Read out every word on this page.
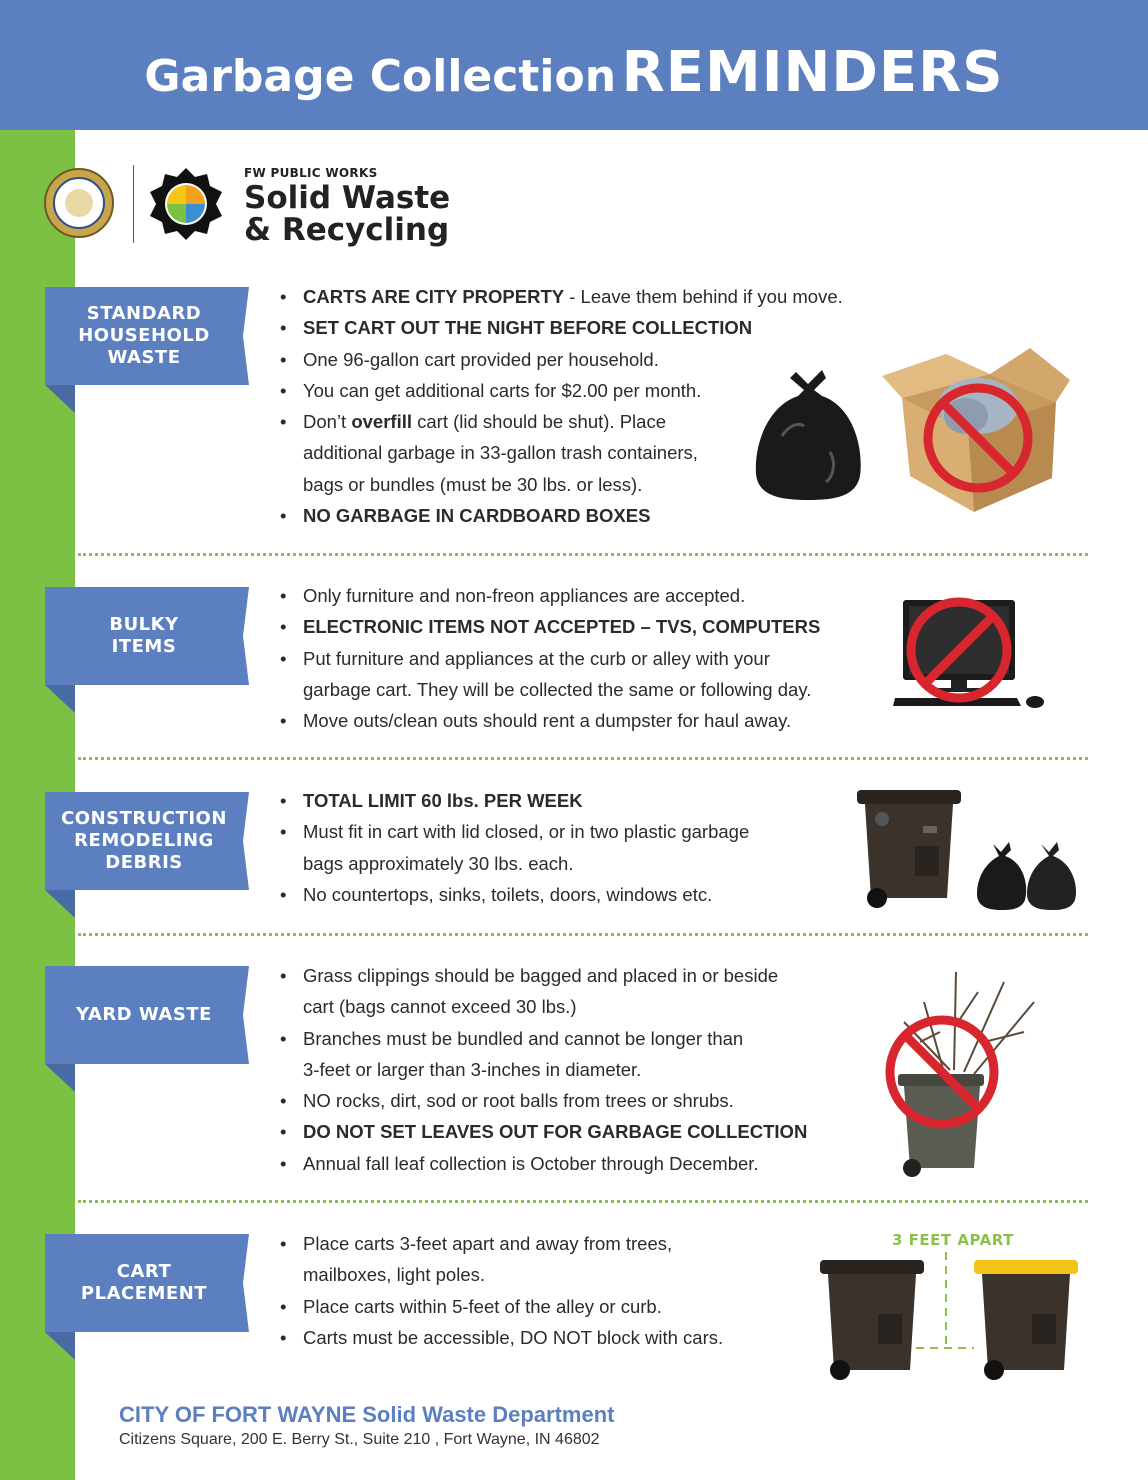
Garbage Collection REMINDERS
FW PUBLIC WORKS
Solid Waste
& Recycling
STANDARD
HOUSEHOLD
WASTE
BULKY
ITEMS
CONSTRUCTION
REMODELING
DEBRIS
YARD WASTE
CART
PLACEMENT
• CARTS ARE CITY PROPERTY - Leave them behind if you move.
• SET CART OUT THE NIGHT BEFORE COLLECTION
• One 96-gallon cart provided per household.
• You can get additional carts for $2.00 per month.
• Don’t overfill cart (lid should be shut). Place
additional garbage in 33-gallon trash containers,
bags or bundles (must be 30 lbs. or less).
• NO GARBAGE IN CARDBOARD BOXES
• Only furniture and non-freon appliances are accepted.
• ELECTRONIC ITEMS NOT ACCEPTED – TVS, COMPUTERS
• Put furniture and appliances at the curb or alley with your
garbage cart. They will be collected the same or following day.
• Move outs/clean outs should rent a dumpster for haul away.
• TOTAL LIMIT 60 lbs. PER WEEK
• Must fit in cart with lid closed, or in two plastic garbage
bags approximately 30 lbs. each.
• No countertops, sinks, toilets, doors, windows etc.
• Grass clippings should be bagged and placed in or beside
cart (bags cannot exceed 30 lbs.)
• Branches must be bundled and cannot be longer than
3-feet or larger than 3-inches in diameter.
• NO rocks, dirt, sod or root balls from trees or shrubs.
• DO NOT SET LEAVES OUT FOR GARBAGE COLLECTION
• Annual fall leaf collection is October through December.
• Place carts 3-feet apart and away from trees,
mailboxes, light poles.
• Place carts within 5-feet of the alley or curb.
• Carts must be accessible, DO NOT block with cars.
3 FEET APART
CITY OF FORT WAYNE Solid Waste Department
Citizens Square, 200 E. Berry St., Suite 210 , Fort Wayne, IN 46802
